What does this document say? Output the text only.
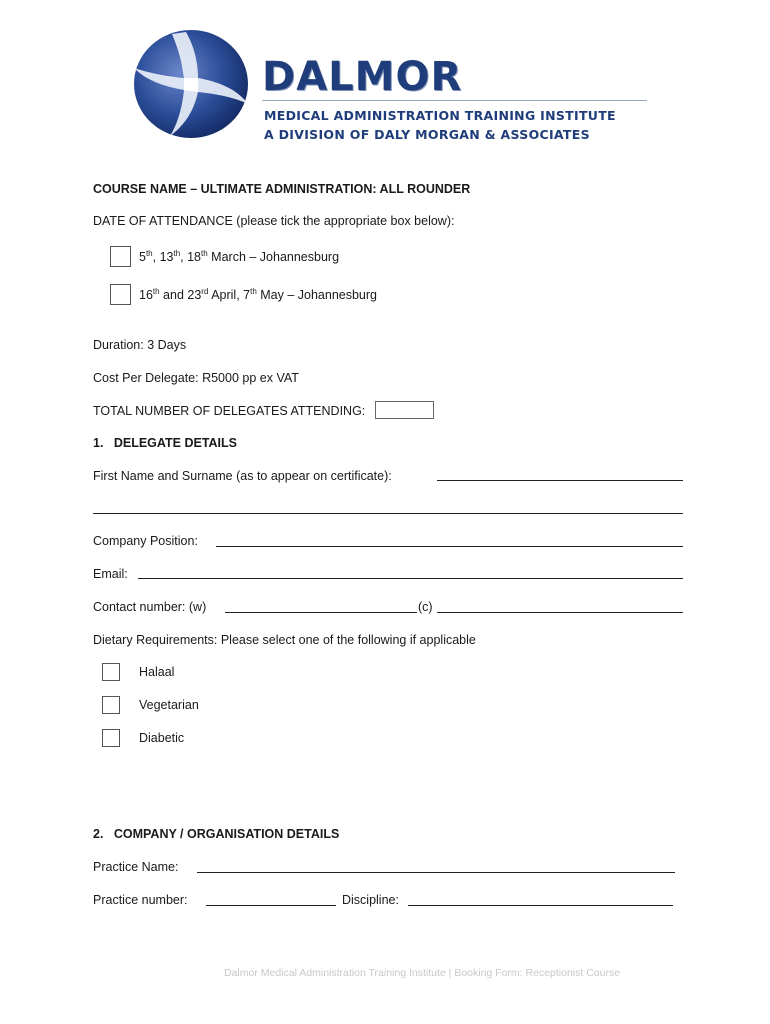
DALMOR
MEDICAL ADMINISTRATION TRAINING INSTITUTE
A DIVISION OF DALY MORGAN & ASSOCIATES
COURSE NAME – ULTIMATE ADMINISTRATION: ALL ROUNDER
DATE OF ATTENDANCE (please tick the appropriate box below):
5th, 13th, 18th March – Johannesburg
16th and 23rd April, 7th May – Johannesburg
Duration: 3 Days
Cost Per Delegate: R5000 pp ex VAT
TOTAL NUMBER OF DELEGATES ATTENDING:
1.   DELEGATE DETAILS
First Name and Surname (as to appear on certificate):
Company Position:
Email:
Contact number: (w)	(c)
Dietary Requirements: Please select one of the following if applicable
Halaal
Vegetarian
Diabetic
2.   COMPANY / ORGANISATION DETAILS
Practice Name:
Practice number:	Discipline:
Dalmor Medical Administration Training Institute | Booking Form: Receptionist Course
